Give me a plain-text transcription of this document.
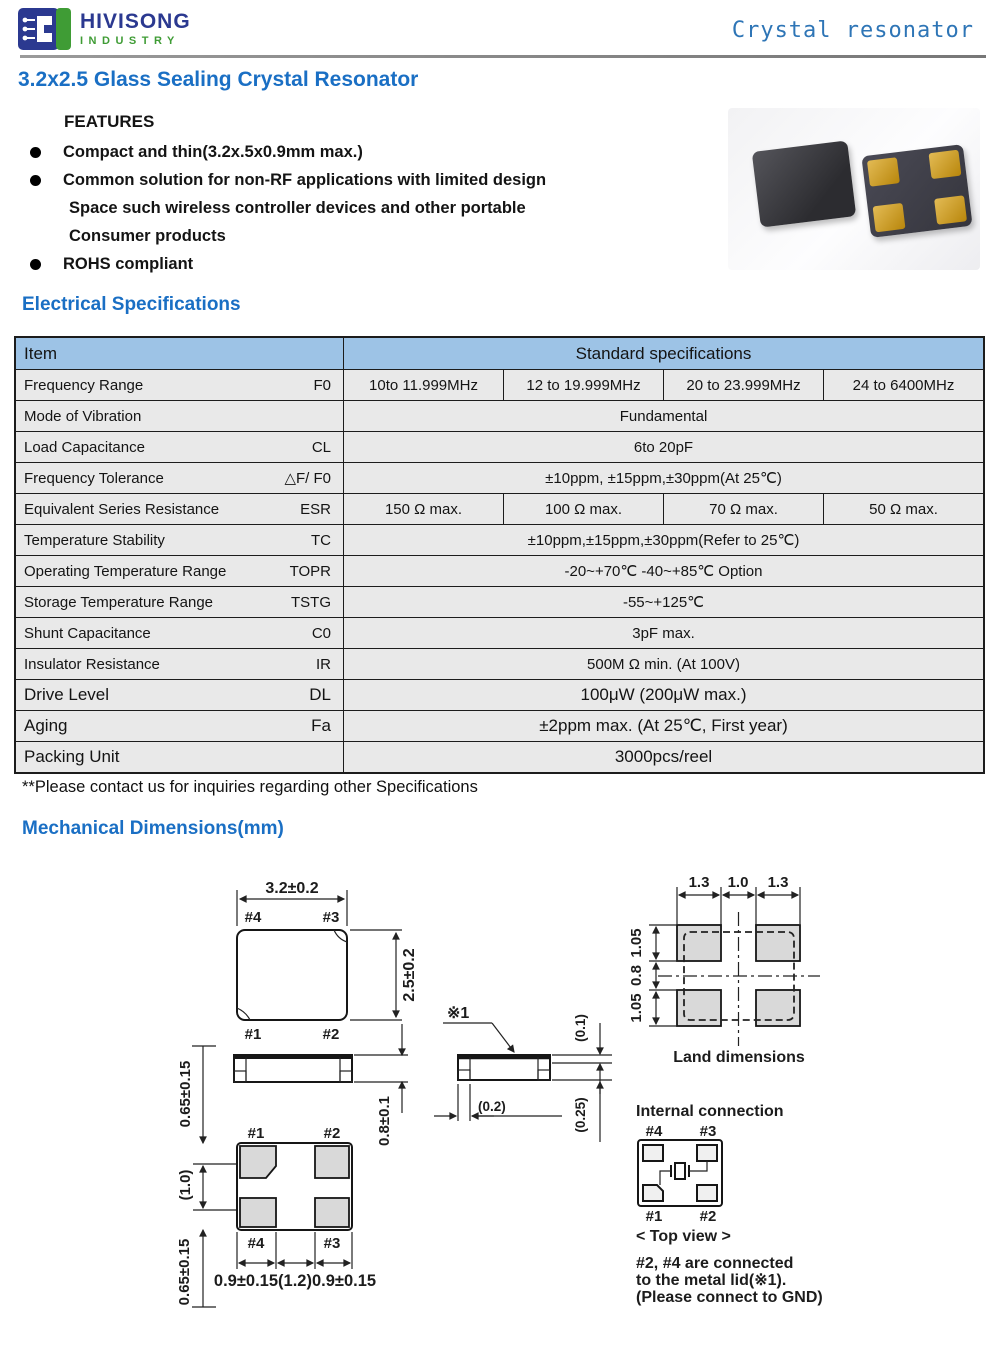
HIVISONG
INDUSTRY	Crystal resonator
3.2x2.5 Glass Sealing Crystal Resonator
FEATURES
Compact and thin(3.2x.5x0.9mm max.)
Common solution for non-RF applications with limited design
Space such wireless controller devices and other portable
Consumer products
ROHS compliant
Electrical Specifications
Item	Standard specifications
Frequency Range	F0	10to 11.999MHz	12 to 19.999MHz	20 to 23.999MHz	24 to 6400MHz
Mode of Vibration	Fundamental
Load Capacitance	CL	6to 20pF
Frequency Tolerance	△F/ F0	±10ppm, ±15ppm,±30ppm(At 25℃)
Equivalent Series Resistance	ESR	150 Ω max.	100 Ω max.	70 Ω max.	50 Ω max.
Temperature Stability	TC	±10ppm,±15ppm,±30ppm(Refer to 25℃)
Operating Temperature Range	TOPR	-20~+70℃ -40~+85℃ Option
Storage Temperature Range	TSTG	-55~+125℃
Shunt Capacitance	C0	3pF max.
Insulator Resistance	IR	500M Ω min. (At 100V)
Drive Level	DL	100μW (200μW max.)
Aging	Fa	±2ppm max. (At 25℃, First year)
Packing Unit	3000pcs/reel
**Please contact us for inquiries regarding other Specifications
Mechanical Dimensions(mm)
3.2±0.2
#4	#3
#1	#2
2.5±0.2
0.8±0.1
0.65±0.15
(1.0)
0.65±0.15
#1	#2
#4	#3
0.9±0.15(1.2)0.9±0.15
※1
(0.1)
(0.25)
(0.2)
1.3 1.0 1.3
1.05
0.8
1.05
Land dimensions
Internal connection
#4 #3
#1 #2
< Top view >
#2, #4 are connected
to the metal lid(※1).
(Please connect to GND)
